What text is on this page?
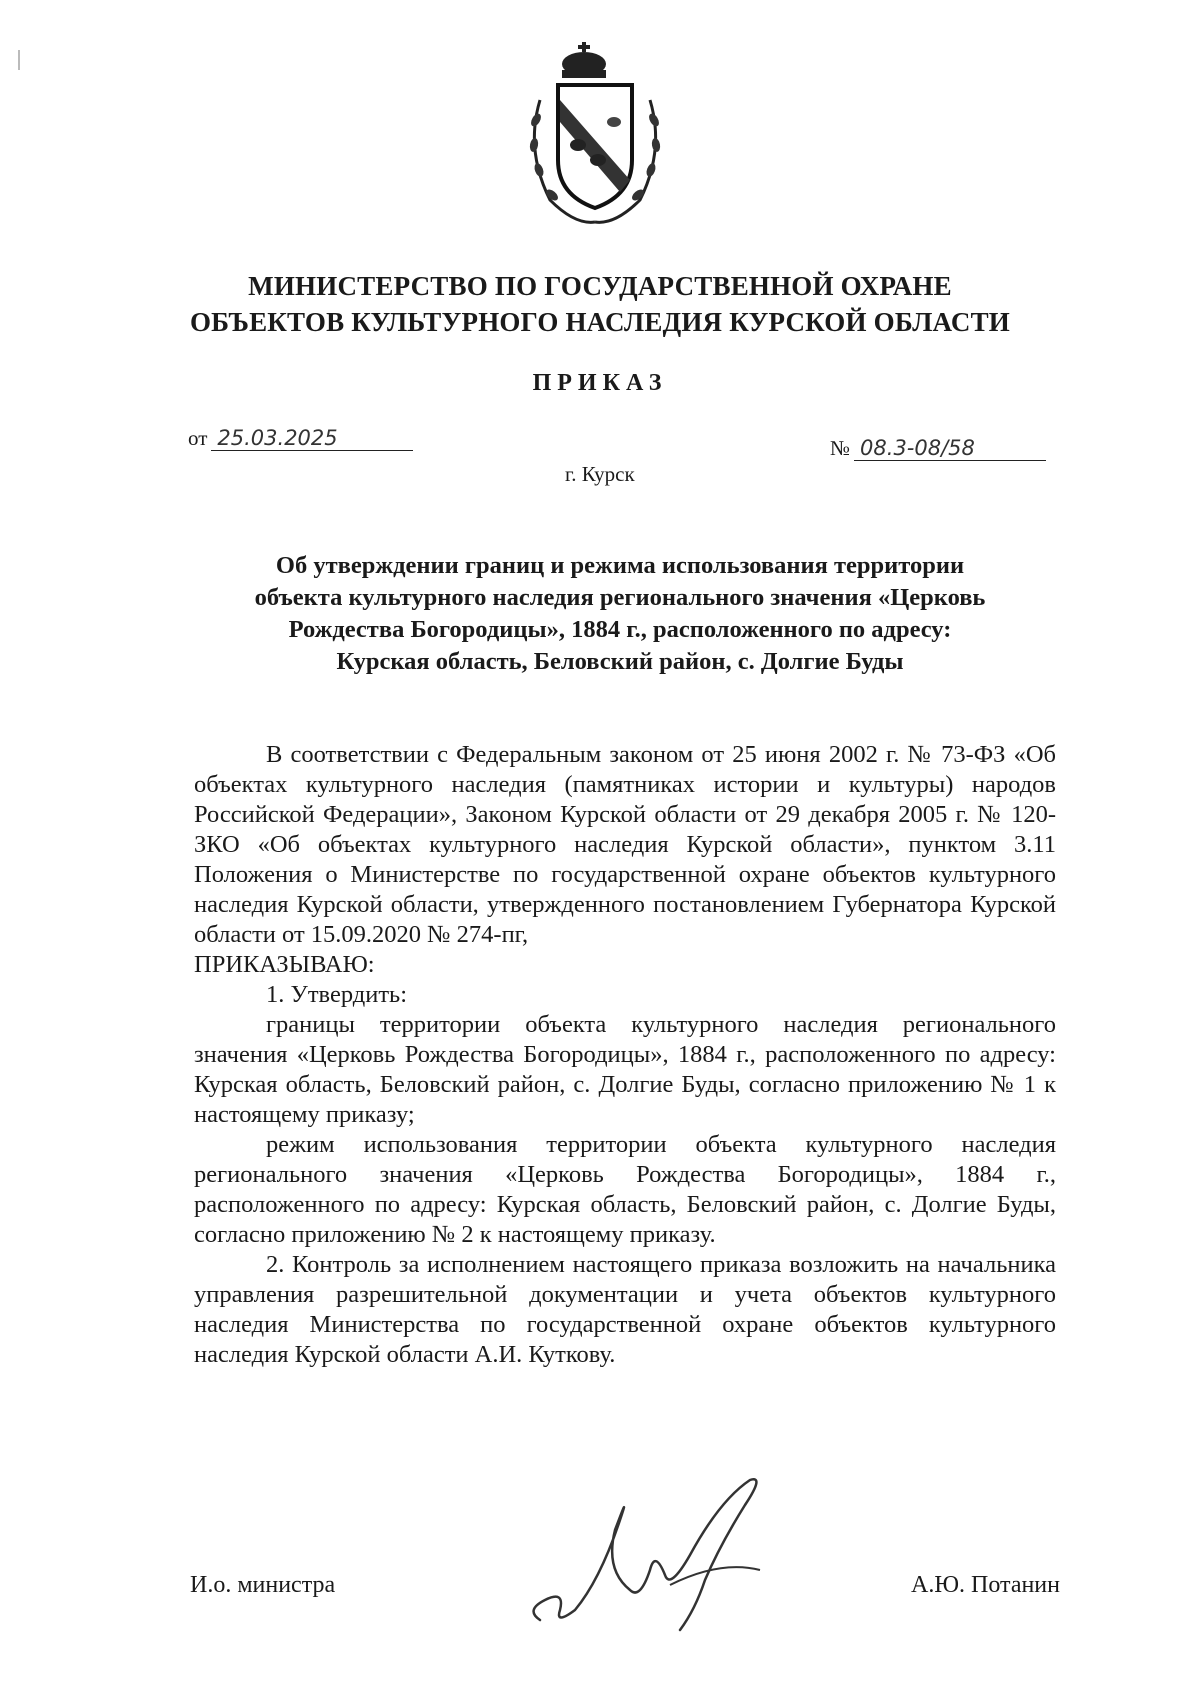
МИНИСТЕРСТВО ПО ГОСУДАРСТВЕННОЙ ОХРАНЕ
ОБЪЕКТОВ КУЛЬТУРНОГО НАСЛЕДИЯ КУРСКОЙ ОБЛАСТИ
ПРИКАЗ
от 25.03.2025	№ 08.3-08/58
г. Курск
Об утверждении границ и режима использования территории
объекта культурного наследия регионального значения «Церковь
Рождества Богородицы», 1884 г., расположенного по адресу:
Курская область, Беловский район, с. Долгие Буды

В соответствии с Федеральным законом от 25 июня 2002 г. № 73-ФЗ «Об объектах культурного наследия (памятниках истории и культуры) народов Российской Федерации», Законом Курской области от 29 декабря 2005 г. № 120-ЗКО «Об объектах культурного наследия Курской области», пунктом 3.11 Положения о Министерстве по государственной охране объектов культурного наследия Курской области, утвержденного постановлением Губернатора Курской области от 15.09.2020 № 274-пг,

ПРИКАЗЫВАЮ:

1. Утвердить:

границы территории объекта культурного наследия регионального значения «Церковь Рождества Богородицы», 1884 г., расположенного по адресу: Курская область, Беловский район, с. Долгие Буды, согласно приложению № 1 к настоящему приказу;

режим использования территории объекта культурного наследия регионального значения «Церковь Рождества Богородицы», 1884 г., расположенного по адресу: Курская область, Беловский район, с. Долгие Буды, согласно приложению № 2 к настоящему приказу.

2. Контроль за исполнением настоящего приказа возложить на начальника управления разрешительной документации и учета объектов культурного наследия Министерства по государственной охране объектов культурного наследия Курской области А.И. Куткову.

И.о. министра	А.Ю. Потанин
